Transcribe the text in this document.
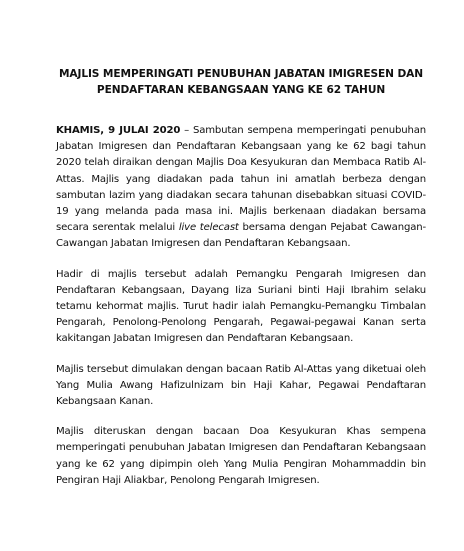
MAJLIS MEMPERINGATI PENUBUHAN JABATAN IMIGRESEN DAN
PENDAFTARAN KEBANGSAAN YANG KE 62 TAHUN

KHAMIS, 9 JULAI 2020 – Sambutan sempena memperingati penubuhan Jabatan Imigresen dan Pendaftaran Kebangsaan yang ke 62 bagi tahun 2020 telah diraikan dengan Majlis Doa Kesyukuran dan Membaca Ratib Al-Attas. Majlis yang diadakan pada tahun ini amatlah berbeza dengan sambutan lazim yang diadakan secara tahunan disebabkan situasi COVID-19 yang melanda pada masa ini. Majlis berkenaan diadakan bersama secara serentak melalui live telecast bersama dengan Pejabat Cawangan-Cawangan Jabatan Imigresen dan Pendaftaran Kebangsaan.

Hadir di majlis tersebut adalah Pemangku Pengarah Imigresen dan Pendaftaran Kebangsaan, Dayang Iiza Suriani binti Haji Ibrahim selaku tetamu kehormat majlis. Turut hadir ialah Pemangku-Pemangku Timbalan Pengarah, Penolong-Penolong Pengarah, Pegawai-pegawai Kanan serta kakitangan Jabatan Imigresen dan Pendaftaran Kebangsaan.

Majlis tersebut dimulakan dengan bacaan Ratib Al-Attas yang diketuai oleh Yang Mulia Awang Hafizulnizam bin Haji Kahar, Pegawai Pendaftaran Kebangsaan Kanan.

Majlis diteruskan dengan bacaan Doa Kesyukuran Khas sempena memperingati penubuhan Jabatan Imigresen dan Pendaftaran Kebangsaan yang ke 62 yang dipimpin oleh Yang Mulia Pengiran Mohammaddin bin Pengiran Haji Aliakbar, Penolong Pengarah Imigresen.
